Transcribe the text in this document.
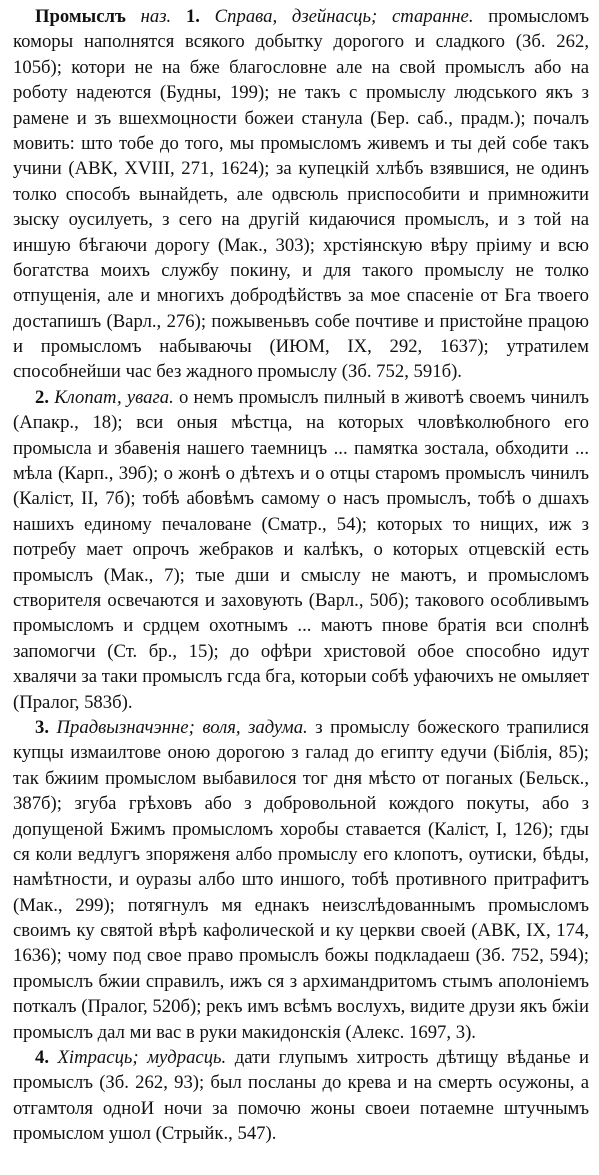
Промыслъ наз. 1. Справа, дзейнасць; старанне. промысломъ коморы наполнятся всякого добытку дорогого и сладкого (Зб. 262, 105б); котори не на бже благословне але на свой промыслъ або на роботу надеются (Будны, 199); не такъ с промыслу людського якъ з рамене и зъ вшехмоцности божеи станула (Бер. саб., прадм.); почалъ мовить: што тобе до того, мы промысломъ живемъ и ты дей собе такъ учини (АВК, XVIII, 271, 1624); за купецкій хлѣбъ взявшися, не одинъ толко способъ вынайдеть, але одвсюль приспособити и примножити зыску оусилуеть, з сего на другій кидаючися промыслъ, и з той на иншую бѣгаючи дорогу (Мак., 303); хрстіянскую вѣру пріиму и всю богатства моихъ службу покину, и для такого промыслу не толко отпущенія, але и многихъ добродѣйствъ за мое спасеніе от Бга твоего достапишъ (Варл., 276); пожывеньвъ собе почтиве и пристойне працою и промысломъ набываючы (ИЮМ, IX, 292, 1637); утратилем способнейши час без жадного промыслу (Зб. 752, 591б).

2. Клопат, увага. о немъ промыслъ пилный в животѣ своемъ чинилъ (Апакр., 18); вси оныя мѣстца, на которых чловѣколюбного его промысла и збавенія нашего таемницъ ... памятка зостала, обходити ... мѣла (Карп., 39б); о жонѣ о дѣтехъ и о отцы старомъ промыслъ чинилъ (Каліст, II, 7б); тобѣ абовѣмъ самому о насъ промыслъ, тобѣ о дшахъ нашихъ единому печаловане (Сматр., 54); которых то нищих, иж з потребу мает опрочъ жебраков и калѣкъ, о которых отцевскій есть промыслъ (Мак., 7); тые дши и смыслу не маютъ, и промысломъ створителя освечаются и заховують (Варл., 50б); такового особливымъ промысломъ и срдцем охотнымъ ... маютъ пнове братія вси сполнѣ запомогчи (Ст. бр., 15); до офѣри христовой обое способно идут хвалячи за таки промыслъ гсда бга, которыи собѣ уфаючихъ не омыляет (Пралог, 583б).

3. Прадвызначэнне; воля, задума. з промыслу божеского трапилися купцы измаилтове оною дорогою з галад до египту едучи (Біблія, 85); так бжиим промыслом выбавилося тог дня мѣсто от поганых (Бельск., 387б); згуба грѣховъ або з добровольной кождого покуты, або з допущеной Бжимъ промысломъ хоробы ставается (Каліст, I, 126); гды ся коли ведлугъ зпоряженя албо промыслу его клопотъ, оутиски, бѣды, намѣтности, и оуразы албо што иншого, тобѣ противного притрафитъ (Мак., 299); потягнулъ мя еднакъ неизслѣдованнымъ промысломъ своимъ ку святой вѣрѣ кафолической и ку церкви своей (АВК, IX, 174, 1636); чому под свое право промыслъ божы подкладаеш (Зб. 752, 594); промыслъ бжии справилъ, ижъ ся з архимандритомъ стымъ аполоніемъ поткалъ (Пралог, 520б); рекъ имъ всѣмъ вослухъ, видите друзи якъ бжіи промыслъ дал ми вас в руки макидонскія (Алекс. 1697, 3).

4. Хітрасць; мудрасць. дати глупымъ хитрость дѣтищу вѣданье и промыслъ (Зб. 262, 93); был посланы до крева и на смерть осужоны, а отгамтоля одноИ ночи за помочю жоны своеи потаемне штучнымъ промыслом ушол (Стрыйк., 547).
